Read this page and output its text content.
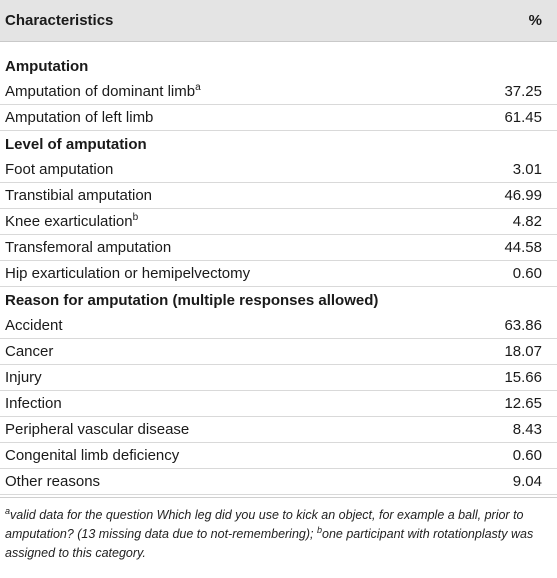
Characteristics	%
Amputation
Amputation of dominant limb$^a$	37.25
Amputation of left limb	61.45
Level of amputation
Foot amputation	3.01
Transtibial amputation	46.99
Knee exarticulation$^b$	4.82
Transfemoral amputation	44.58
Hip exarticulation or hemipelvectomy	0.60
Reason for amputation (multiple responses allowed)
Accident	63.86
Cancer	18.07
Injury	15.66
Infection	12.65
Peripheral vascular disease	8.43
Congenital limb deficiency	0.60
Other reasons	9.04
$^a$valid data for the question Which leg did you use to kick an object, for example a ball, prior to amputation? (13 missing data due to not-remembering); $^b$one participant with rotationplasty was assigned to this category.
